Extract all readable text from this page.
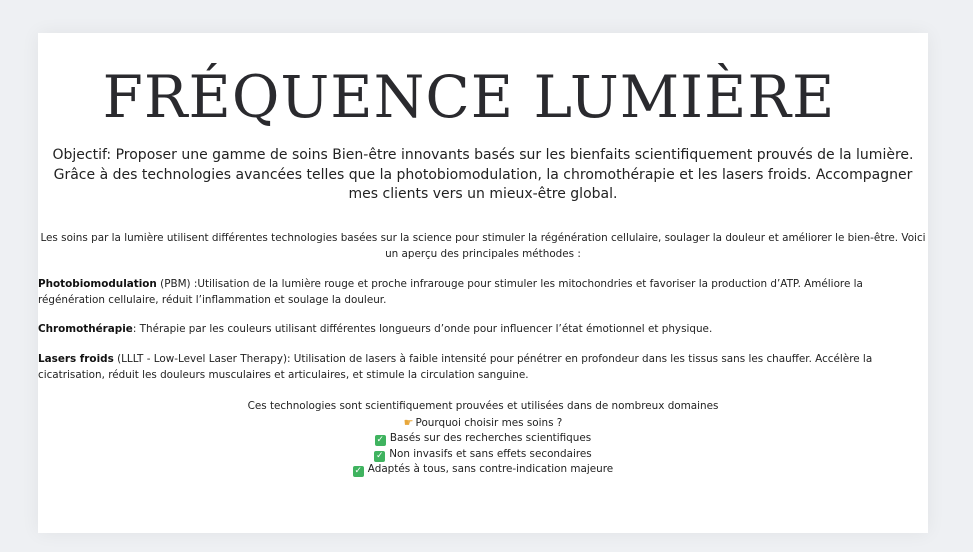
FRÉQUENCE LUMIÈRE

Objectif: Proposer une gamme de soins Bien-être innovants basés sur les bienfaits scientifiquement prouvés de la lumière. Grâce à des technologies avancées telles que la photobiomodulation, la chromothérapie et les lasers froids. Accompagner mes clients vers un mieux-être global.

Les soins par la lumière utilisent différentes technologies basées sur la science pour stimuler la régénération cellulaire, soulager la douleur et améliorer le bien-être. Voici un aperçu des principales méthodes :

Photobiomodulation (PBM) :Utilisation de la lumière rouge et proche infrarouge pour stimuler les mitochondries et favoriser la production d’ATP. Améliore la régénération cellulaire, réduit l’inflammation et soulage la douleur.

Chromothérapie: Thérapie par les couleurs utilisant différentes longueurs d’onde pour influencer l’état émotionnel et physique.

Lasers froids (LLLT - Low-Level Laser Therapy): Utilisation de lasers à faible intensité pour pénétrer en profondeur dans les tissus sans les chauffer. Accélère la cicatrisation, réduit les douleurs musculaires et articulaires, et stimule la circulation sanguine.

Ces technologies sont scientifiquement prouvées et utilisées dans de nombreux domaines
☛ Pourquoi choisir mes soins ?
✓ Basés sur des recherches scientifiques
✓ Non invasifs et sans effets secondaires
✓ Adaptés à tous, sans contre-indication majeure
